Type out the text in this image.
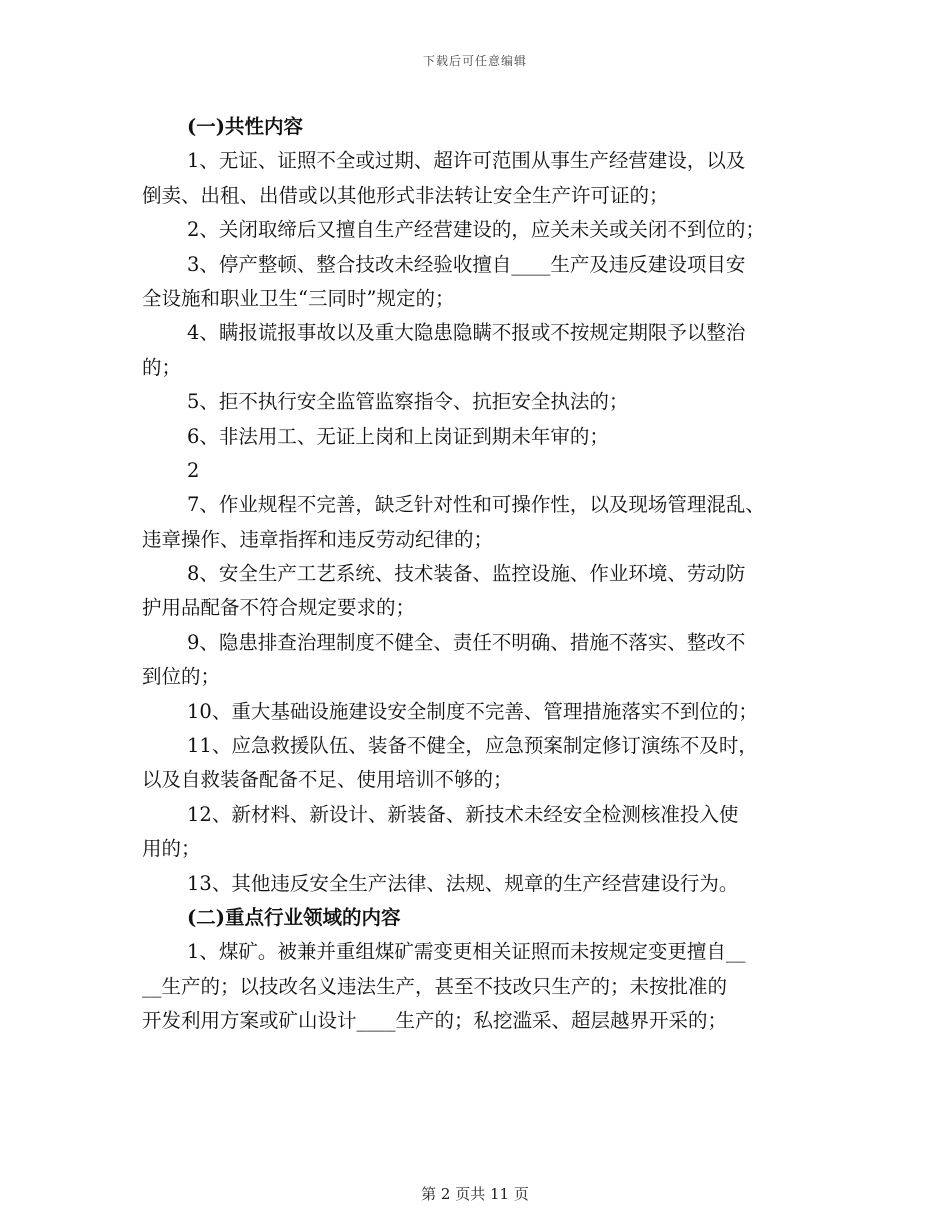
下载后可任意编辑
(一)共性内容
1、无证、证照不全或过期、超许可范围从事生产经营建设，以及
倒卖、出租、出借或以其他形式非法转让安全生产许可证的；
2、关闭取缔后又擅自生产经营建设的，应关未关或关闭不到位的；
3、停产整顿、整合技改未经验收擅自____生产及违反建设项目安
全设施和职业卫生“三同时”规定的；
4、瞒报谎报事故以及重大隐患隐瞒不报或不按规定期限予以整治
的；
5、拒不执行安全监管监察指令、抗拒安全执法的；
6、非法用工、无证上岗和上岗证到期未年审的；
2
7、作业规程不完善，缺乏针对性和可操作性，以及现场管理混乱、
违章操作、违章指挥和违反劳动纪律的；
8、安全生产工艺系统、技术装备、监控设施、作业环境、劳动防
护用品配备不符合规定要求的；
9、隐患排查治理制度不健全、责任不明确、措施不落实、整改不
到位的；
10、重大基础设施建设安全制度不完善、管理措施落实不到位的；
11、应急救援队伍、装备不健全，应急预案制定修订演练不及时，
以及自救装备配备不足、使用培训不够的；
12、新材料、新设计、新装备、新技术未经安全检测核准投入使
用的；
13、其他违反安全生产法律、法规、规章的生产经营建设行为。
(二)重点行业领域的内容
1、煤矿。被兼并重组煤矿需变更相关证照而未按规定变更擅自__
__生产的；以技改名义违法生产，甚至不技改只生产的；未按批准的
开发利用方案或矿山设计____生产的；私挖滥采、超层越界开采的；
第 2 页共 11 页
